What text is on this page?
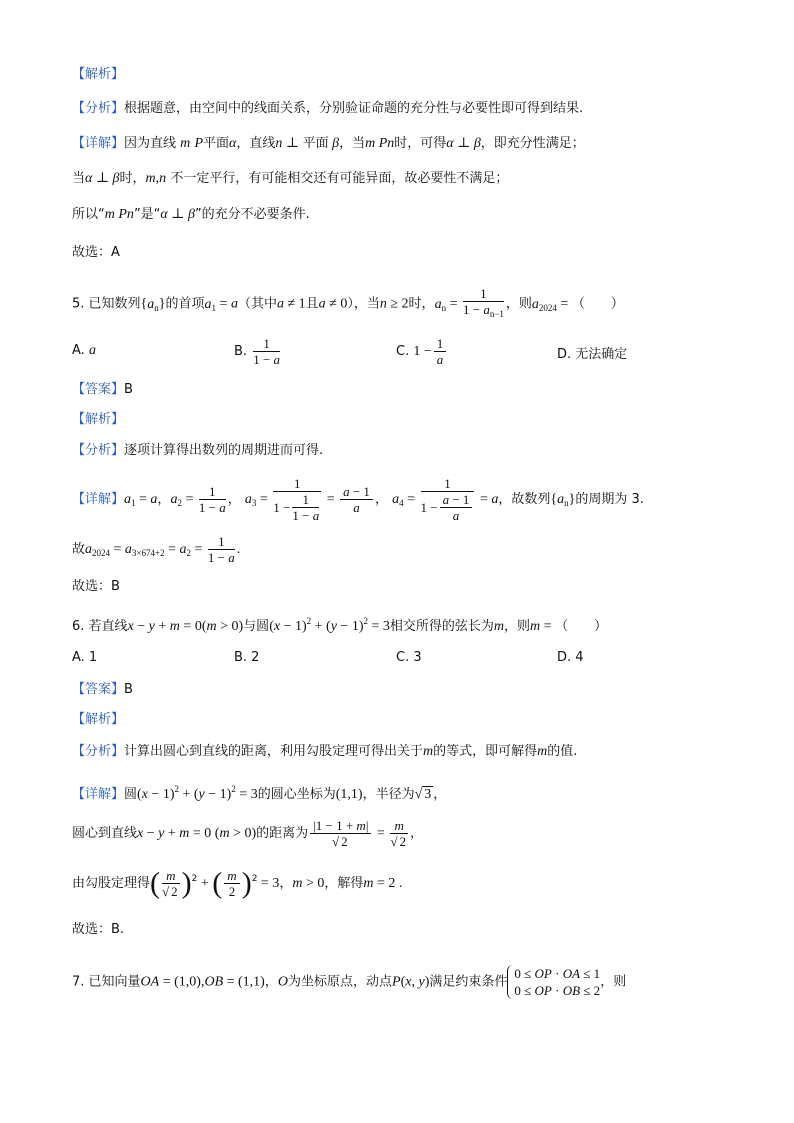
【解析】
【分析】根据题意，由空间中的线面关系，分别验证命题的充分性与必要性即可得到结果.
【详解】因为直线 m P平面α，直线n ⊥ 平面 β，当m Pn时，可得α ⊥ β，即充分性满足；
当α ⊥ β时，m,n 不一定平行，有可能相交还有可能异面，故必要性不满足；
所以“m Pn”是“α ⊥ β”的充分不必要条件.
故选：A
5. 已知数列$\{a_n\}$的首项$a_1 = a$（其中a ≠ 1且a ≠ 0），当n ≥ 2时，$a_n = \frac{1}{1 - a_{n-1}}$ ，则$a_{2024}$ = （　　）
A. a	B. $\frac{1}{1 - a}$	C. $1 - \frac{1}{a}$	D. 无法确定
【答案】B
【解析】
【分析】逐项计算得出数列的周期进而可得.
【详解】$a_1 = a$，$a_2 = \frac{1}{1 - a}$ ， $a_3 = \frac{1}{1 - \frac{1}{1 - a}} = \frac{a - 1}{a}$ ， $a_4 = \frac{1}{1 - \frac{a - 1}{a}} = a$，故数列$\{a_n\}$的周期为 3.
故$a_{2024} = a_{3\times 674+2} = a_2 = \frac{1}{1 - a}$ .
故选：B
6. 若直线x − y + m = 0(m > 0)与圆$(x - 1)^2 + (y - 1)^2 = 3$相交所得的弦长为m，则m = （　　）
A. 1	B. 2	C. 3	D. 4
【答案】B
【解析】
【分析】计算出圆心到直线的距离，利用勾股定理可得出关于m的等式，即可解得m的值.
【详解】圆$(x - 1)^2 + (y - 1)^2 = 3$的圆心坐标为(1,1)，半径为√ 3 ，
圆心到直线x − y + m = 0 (m > 0)的距离为 $\frac{|1 - 1 + m|}{√ 2} = \frac{m}{√ 2}$ ，
由勾股定理得( $\frac{m}{√ 2} )^2$ + ( $\frac{m}{2} )^2 = 3$，m > 0，解得m = 2 .
故选：B.
7. 已知向量OA = (1,0),OB = (1,1)，O为坐标原点，动点P(x, y)满足约束条件
0 ≤ OP · OA ≤ 1
0 ≤ OP · OB ≤ 2
，则
